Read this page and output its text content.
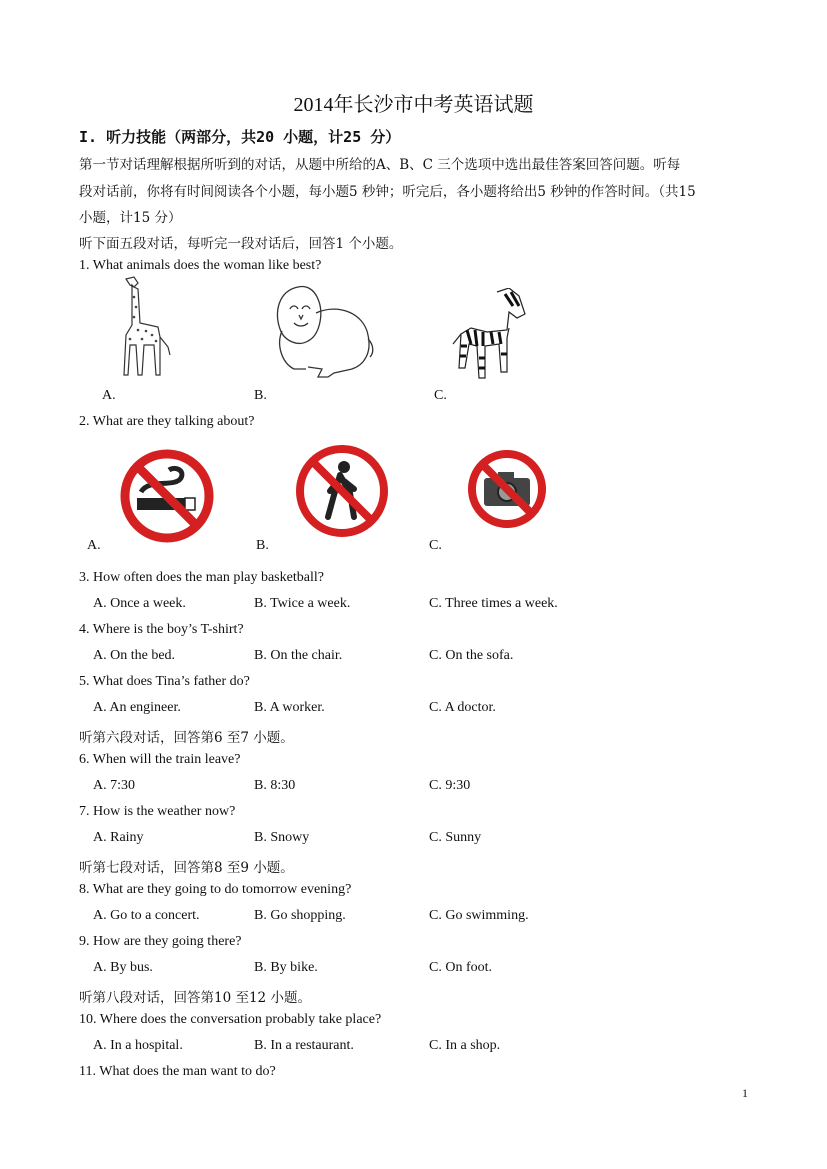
2014年长沙市中考英语试题
I. 听力技能（两部分，共20 小题，计25 分）
第一节对话理解根据所听到的对话，从题中所给的A、B、C 三个选项中选出最佳答案回答问题。听每
段对话前，你将有时间阅读各个小题，每小题5 秒钟；听完后，各小题将给出5 秒钟的作答时间。（共15
小题，计15 分）
听下面五段对话，每听完一段对话后，回答1 个小题。
1. What animals does the woman like best?
A.	B.	C.
2. What are they talking about?
A.	B.	C.
3. How often does the man play basketball?
A. Once a week.	B. Twice a week.	C. Three times a week.
4. Where is the boy’s T-shirt?
A. On the bed.	B. On the chair.	C. On the sofa.
5. What does Tina’s father do?
A. An engineer.	B. A worker.	C. A doctor.
听第六段对话，回答第6 至7 小题。
6. When will the train leave?
A. 7:30	B. 8:30	C. 9:30
7. How is the weather now?
A. Rainy	B. Snowy	C. Sunny
听第七段对话，回答第8 至9 小题。
8. What are they going to do tomorrow evening?
A. Go to a concert.	B. Go shopping.	C. Go swimming.
9. How are they going there?
A. By bus.	B. By bike.	C. On foot.
听第八段对话，回答第10 至12 小题。
10. Where does the conversation probably take place?
A. In a hospital.	B. In a restaurant.	C. In a shop.
11. What does the man want to do?
1
